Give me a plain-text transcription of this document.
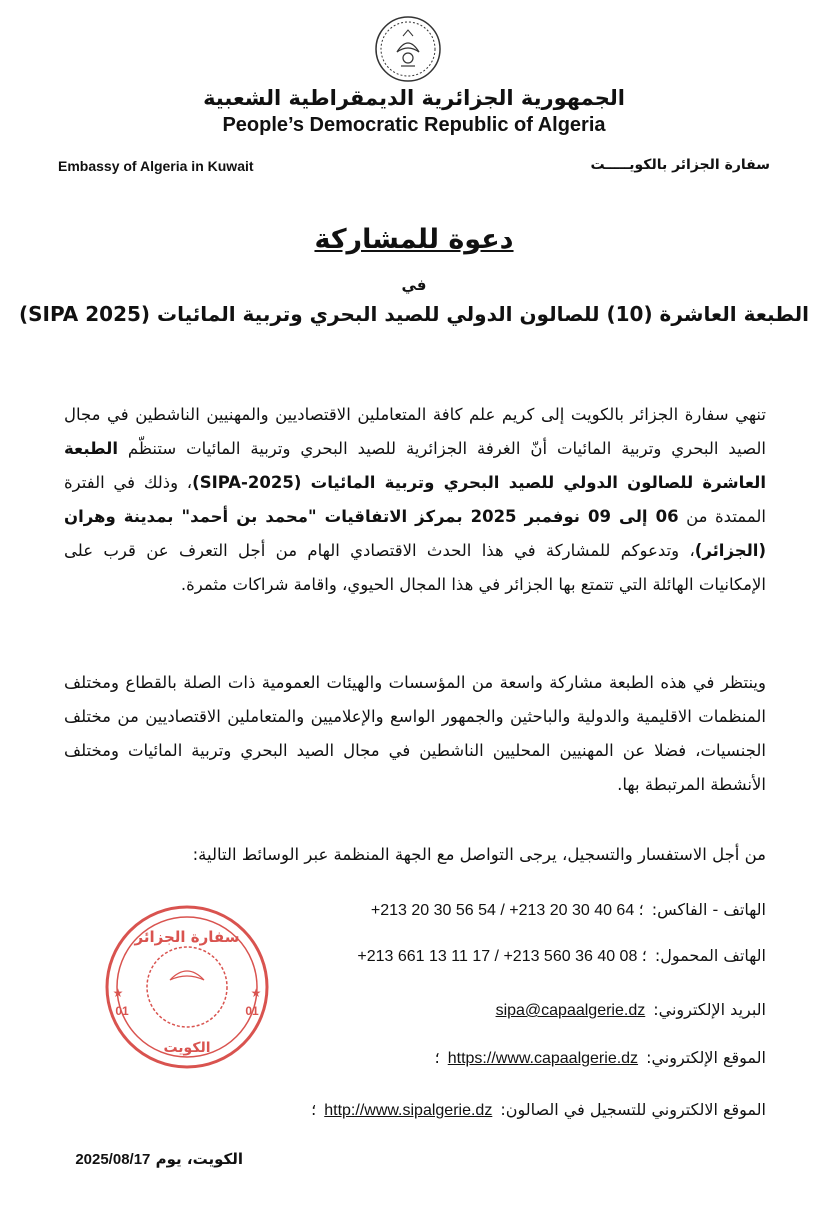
الجمهورية الجزائرية الديمقراطية الشعبية
People’s Democratic Republic of Algeria
Embassy of Algeria in Kuwait	سفارة الجزائر بالكويـــــت
دعوة للمشاركة
في
الطبعة العاشرة (10) للصالون الدولي للصيد البحري وتربية المائيات (SIPA 2025)

تنهي سفارة الجزائر بالكويت إلى كريم علم كافة المتعاملين الاقتصاديين والمهنيين الناشطين في مجال الصيد البحري وتربية المائيات أنّ الغرفة الجزائرية للصيد البحري وتربية المائيات ستنظّم الطبعة العاشرة للصالون الدولي للصيد البحري وتربية المائيات (SIPA-2025)، وذلك في الفترة الممتدة من 06 إلى 09 نوفمبر 2025 بمركز الاتفاقيات "محمد بن أحمد" بمدينة وهران (الجزائر)، وتدعوكم للمشاركة في هذا الحدث الاقتصادي الهام من أجل التعرف عن قرب على الإمكانيات الهائلة التي تتمتع بها الجزائر في هذا المجال الحيوي، واقامة شراكات مثمرة.

وينتظر في هذه الطبعة مشاركة واسعة من المؤسسات والهيئات العمومية ذات الصلة بالقطاع ومختلف المنظمات الاقليمية والدولية والباحثين والجمهور الواسع والإعلاميين والمتعاملين الاقتصاديين من مختلف الجنسيات، فضلا عن المهنيين المحليين الناشطين في مجال الصيد البحري وتربية المائيات ومختلف الأنشطة المرتبطة بها.

من أجل الاستفسار والتسجيل، يرجى التواصل مع الجهة المنظمة عبر الوسائط التالية:
الهاتف - الفاكس:
+213 20 30 56 54 / +213 20 30 40 64 ؛
الهاتف المحمول:
+213 661 13 11 17 / +213 560 36 40 08 ؛
البريد الإلكتروني:
sipa@capaalgerie.dz
الموقع الإلكتروني:
https://www.capaalgerie.dz
؛
الموقع الالكتروني للتسجيل في الصالون:
http://www.sipalgerie.dz
؛
الكويت، يوم 2025/08/17
سفارة الجزائر
الكويت
01	01
★	★
